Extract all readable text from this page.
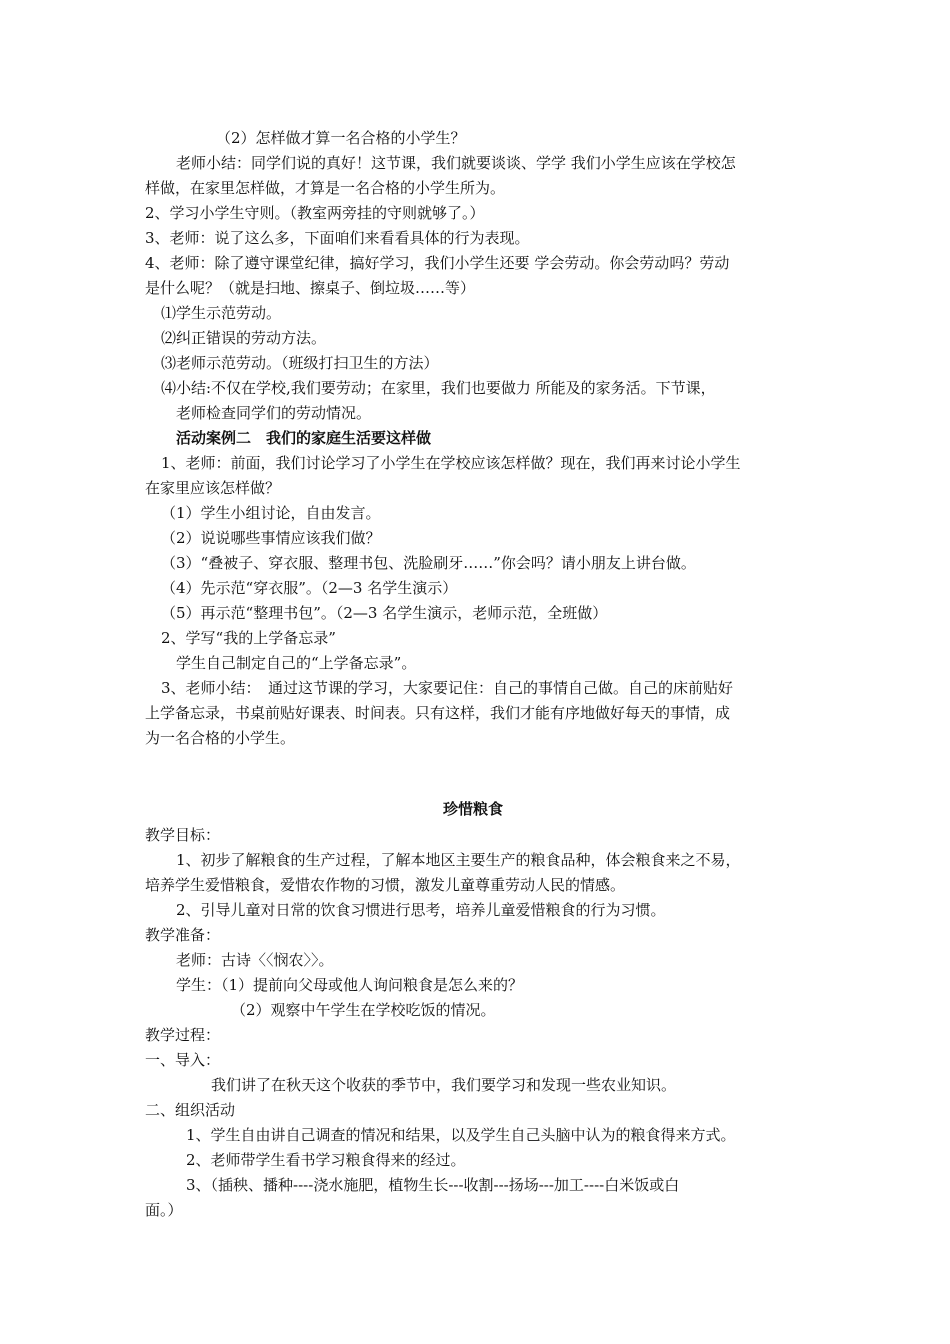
（2）怎样做才算一名合格的小学生？
老师小结：同学们说的真好！这节课，我们就要谈谈、学学 我们小学生应该在学校怎
样做，在家里怎样做，才算是一名合格的小学生所为。
2、学习小学生守则。（教室两旁挂的守则就够了。）
3、老师：说了这么多，下面咱们来看看具体的行为表现。
4、老师：除了遵守课堂纪律，搞好学习，我们小学生还要 学会劳动。你会劳动吗？劳动
是什么呢？（就是扫地、擦桌子、倒垃圾……等）
⑴学生示范劳动。
⑵纠正错误的劳动方法。
⑶老师示范劳动。（班级打扫卫生的方法）
⑷小结:不仅在学校,我们要劳动；在家里，我们也要做力 所能及的家务活。下节课，
老师检查同学们的劳动情况。
活动案例二　我们的家庭生活要这样做
1、老师：前面，我们讨论学习了小学生在学校应该怎样做？现在，我们再来讨论小学生
在家里应该怎样做？
（1）学生小组讨论，自由发言。
（2）说说哪些事情应该我们做？
（3）“叠被子、穿衣服、整理书包、洗脸刷牙……”你会吗？请小朋友上讲台做。
（4）先示范“穿衣服”。（2—3 名学生演示）
（5）再示范“整理书包”。（2—3 名学生演示，老师示范，全班做）
2、学写“我的上学备忘录”
学生自己制定自己的“上学备忘录”。
3、老师小结：　通过这节课的学习，大家要记住：自己的事情自己做。自己的床前贴好
上学备忘录，书桌前贴好课表、时间表。只有这样，我们才能有序地做好每天的事情，成
为一名合格的小学生。
珍惜粮食
教学目标：
1、初步了解粮食的生产过程，了解本地区主要生产的粮食品种，体会粮食来之不易，
培养学生爱惜粮食，爱惜农作物的习惯，激发儿童尊重劳动人民的情感。
2、引导儿童对日常的饮食习惯进行思考，培养儿童爱惜粮食的行为习惯。
教学准备：
老师：古诗〈〈悯农〉〉。
学生：（1）提前向父母或他人询问粮食是怎么来的？
（2）观察中午学生在学校吃饭的情况。
教学过程：
一、导入：
我们讲了在秋天这个收获的季节中，我们要学习和发现一些农业知识。
二、组织活动
1、学生自由讲自己调查的情况和结果，以及学生自己头脑中认为的粮食得来方式。
2、老师带学生看书学习粮食得来的经过。
3、（插秧、播种----浇水施肥，植物生长---收割---扬场---加工----白米饭或白
面。）
